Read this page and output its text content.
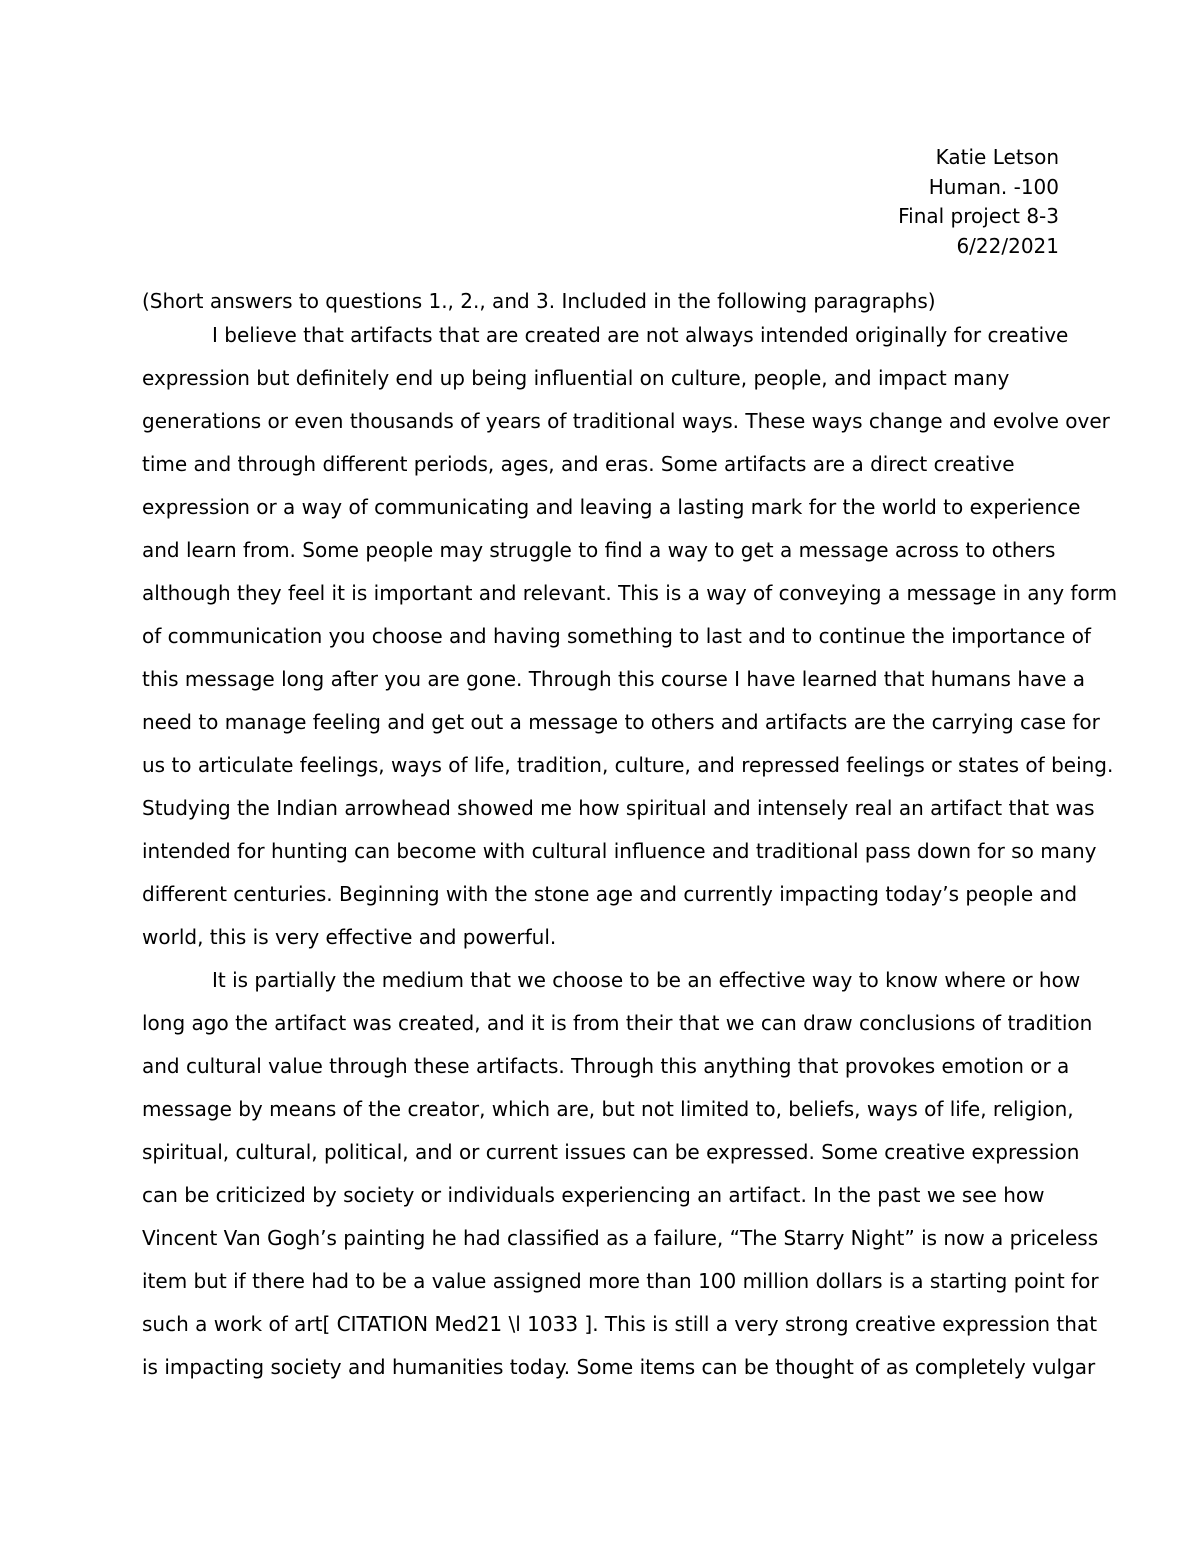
Katie Letson
Human. -100
Final project 8-3
6/22/2021
(Short answers to questions 1., 2., and 3. Included in the following paragraphs)
I believe that artifacts that are created are not always intended originally for creative
expression but definitely end up being influential on culture, people, and impact many
generations or even thousands of years of traditional ways. These ways change and evolve over
time and through different periods, ages, and eras. Some artifacts are a direct creative
expression or a way of communicating and leaving a lasting mark for the world to experience
and learn from. Some people may struggle to find a way to get a message across to others
although they feel it is important and relevant. This is a way of conveying a message in any form
of communication you choose and having something to last and to continue the importance of
this message long after you are gone. Through this course I have learned that humans have a
need to manage feeling and get out a message to others and artifacts are the carrying case for
us to articulate feelings, ways of life, tradition, culture, and repressed feelings or states of being.
Studying the Indian arrowhead showed me how spiritual and intensely real an artifact that was
intended for hunting can become with cultural influence and traditional pass down for so many
different centuries. Beginning with the stone age and currently impacting today’s people and
world, this is very effective and powerful.
It is partially the medium that we choose to be an effective way to know where or how
long ago the artifact was created, and it is from their that we can draw conclusions of tradition
and cultural value through these artifacts. Through this anything that provokes emotion or a
message by means of the creator, which are, but not limited to, beliefs, ways of life, religion,
spiritual, cultural, political, and or current issues can be expressed. Some creative expression
can be criticized by society or individuals experiencing an artifact. In the past we see how
Vincent Van Gogh’s painting he had classified as a failure, “The Starry Night” is now a priceless
item but if there had to be a value assigned more than 100 million dollars is a starting point for
such a work of art[ CITATION Med21 \l 1033 ]. This is still a very strong creative expression that
is impacting society and humanities today. Some items can be thought of as completely vulgar
